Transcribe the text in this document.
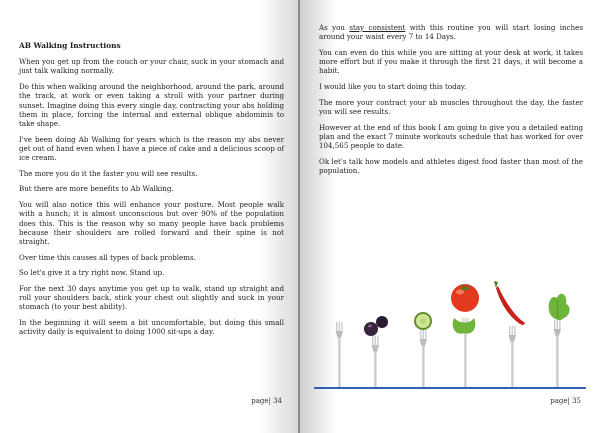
AB Walking Instructions

When you get up from the couch or your chair, suck in your stomach and just talk walking normally.

Do this when walking around the neighborhood, around the park, around the track, at work or even taking a stroll with your partner during sunset. Imagine doing this every single day, contracting your abs holding them in place, forcing the internal and external oblique abdominis to take shape.

I've been doing Ab Walking for years which is the reason my abs never get out of hand even when I have a piece of cake and a delicious scoop of ice cream.

The more you do it the faster you will see results.

But there are more benefits to Ab Walking.

You will also notice this will enhance your posture. Most people walk with a hunch; it is almost unconscious but over 90% of the population does this. This is the reason why so many people have back problems because their shoulders are rolled forward and their spine is not straight.

Over time this causes all types of back problems.

So let's give it a try right now. Stand up.

For the next 30 days anytime you get up to walk, stand up straight and roll your shoulders back, stick your chest out slightly and suck in your stomach (to your best ability).

In the beginning it will seem a bit uncomfortable, but doing this small activity daily is equivalent to doing 1000 sit-ups a day.

page| 34

As you stay consistent with this routine you will start losing inches around your waist every 7 to 14 Days.

You can even do this while you are sitting at your desk at work, it takes more effort but if you make it through the first 21 days, it will become a habit.

I would like you to start doing this today.

The more your contract your ab muscles throughout the day, the faster you will see results.

However at the end of this book I am going to give you a detailed eating plan and the exact 7 minute workouts schedule that has worked for over 104,565 people to date.

Ok let's talk how models and athletes digest food faster than most of the population.

page| 35
